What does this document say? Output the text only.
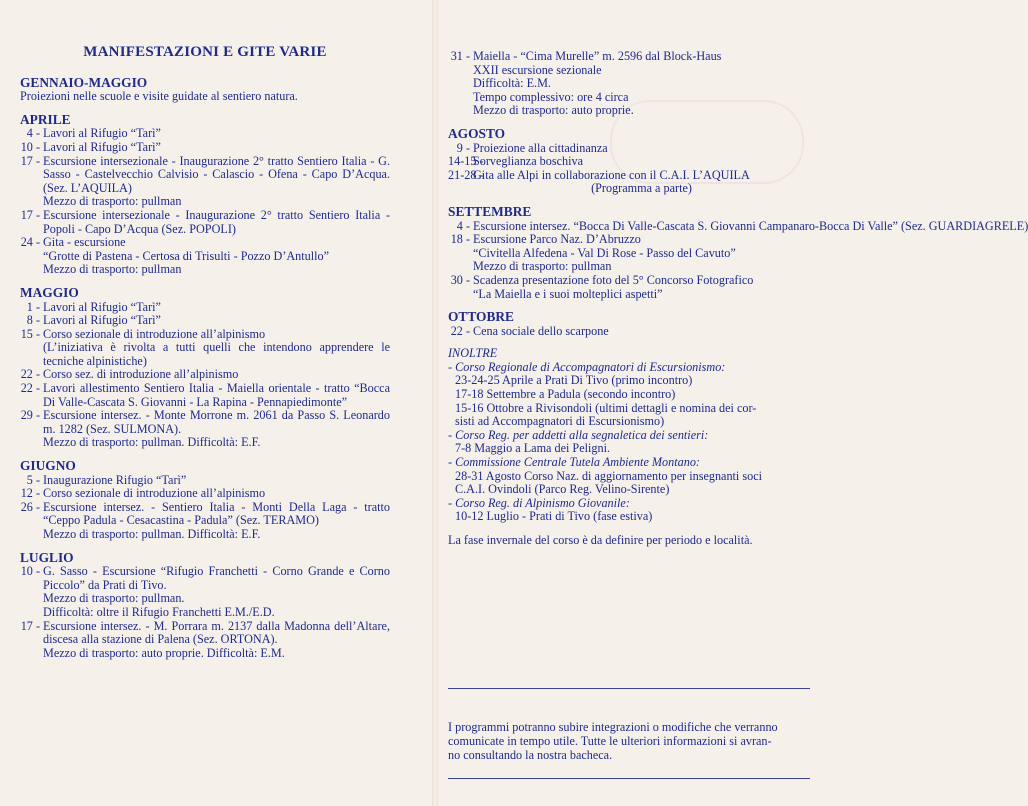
MANIFESTAZIONI E GITE VARIE
GENNAIO-MAGGIO
Proiezioni nelle scuole e visite guidate al sentiero natura.
APRILE
4 - Lavori al Rifugio “Tarì”
10 - Lavori al Rifugio “Tarì”
17 - Escursione intersezionale - Inaugurazione 2° tratto Sentiero Italia - G. Sasso - Castelvecchio Calvisio - Calascio - Ofena - Capo D’Acqua. (Sez. L’AQUILA)
Mezzo di trasporto: pullman
17 - Escursione intersezionale - Inaugurazione 2° tratto Sentiero Italia - Popoli - Capo D’Acqua (Sez. POPOLI)
24 - Gita - escursione
“Grotte di Pastena - Certosa di Trisulti - Pozzo D’Antullo”
Mezzo di trasporto: pullman
MAGGIO
1 - Lavori al Rifugio “Tarì”
8 - Lavori al Rifugio “Tarì”
15 - Corso sezionale di introduzione all’alpinismo
(L’iniziativa è rivolta a tutti quelli che intendono apprendere le tecniche alpinistiche)
22 - Corso sez. di introduzione all’alpinismo
22 - Lavori allestimento Sentiero Italia - Maiella orientale - tratto “Bocca Di Valle-Cascata S. Giovanni - La Rapina - Pennapiedimonte”
29 - Escursione intersez. - Monte Morrone m. 2061 da Passo S. Leonardo m. 1282 (Sez. SULMONA).
Mezzo di trasporto: pullman. Difficoltà: E.F.
GIUGNO
5 - Inaugurazione Rifugio “Tarì”
12 - Corso sezionale di introduzione all’alpinismo
26 - Escursione intersez. - Sentiero Italia - Monti Della Laga - tratto “Ceppo Padula - Cesacastina - Padula” (Sez. TERAMO)
Mezzo di trasporto: pullman. Difficoltà: E.F.
LUGLIO
10 - G. Sasso - Escursione “Rifugio Franchetti - Corno Grande e Corno Piccolo” da Prati di Tivo.
Mezzo di trasporto: pullman.
Difficoltà: oltre il Rifugio Franchetti E.M./E.D.
17 - Escursione intersez. - M. Porrara m. 2137 dalla Madonna dell’Altare, discesa alla stazione di Palena (Sez. ORTONA).
Mezzo di trasporto: auto proprie. Difficoltà: E.M.
31 - Maiella - “Cima Murelle” m. 2596 dal Block-Haus
XXII escursione sezionale
Difficoltà: E.M.
Tempo complessivo: ore 4 circa
Mezzo di trasporto: auto proprie.
AGOSTO
9 - Proiezione alla cittadinanza
14-15 -
Sorveglianza boschiva
21-28 -
Gita alle Alpi in collaborazione con il C.A.I. L’AQUILA
(Programma a parte)
SETTEMBRE
4 - Escursione intersez. “Bocca Di Valle-Cascata S. Giovanni Campanaro-Bocca Di Valle” (Sez. GUARDIAGRELE)
18 - Escursione Parco Naz. D’Abruzzo
“Civitella Alfedena - Val Di Rose - Passo del Cavuto”
Mezzo di trasporto: pullman
30 - Scadenza presentazione foto del 5° Concorso Fotografico
“La Maiella e i suoi molteplici aspetti”
OTTOBRE
22 - Cena sociale dello scarpone
INOLTRE
- Corso Regionale di Accompagnatori di Escursionismo:
23-24-25 Aprile a Prati Di Tivo (primo incontro)
17-18 Settembre a Padula (secondo incontro)
15-16 Ottobre a Rivisondoli (ultimi dettagli e nomina dei cor-
sisti ad Accompagnatori di Escursionismo)
- Corso Reg. per addetti alla segnaletica dei sentieri:
7-8 Maggio a Lama dei Peligni.
- Commissione Centrale Tutela Ambiente Montano:
28-31 Agosto Corso Naz. di aggiornamento per insegnanti soci
C.A.I. Ovindoli (Parco Reg. Velino-Sirente)
- Corso Reg. di Alpinismo Giovanile:
10-12 Luglio - Prati di Tivo (fase estiva)
La fase invernale del corso è da definire per periodo e località.
I programmi potranno subire integrazioni o modifiche che verranno
comunicate in tempo utile. Tutte le ulteriori informazioni si avran-
no consultando la nostra bacheca.
